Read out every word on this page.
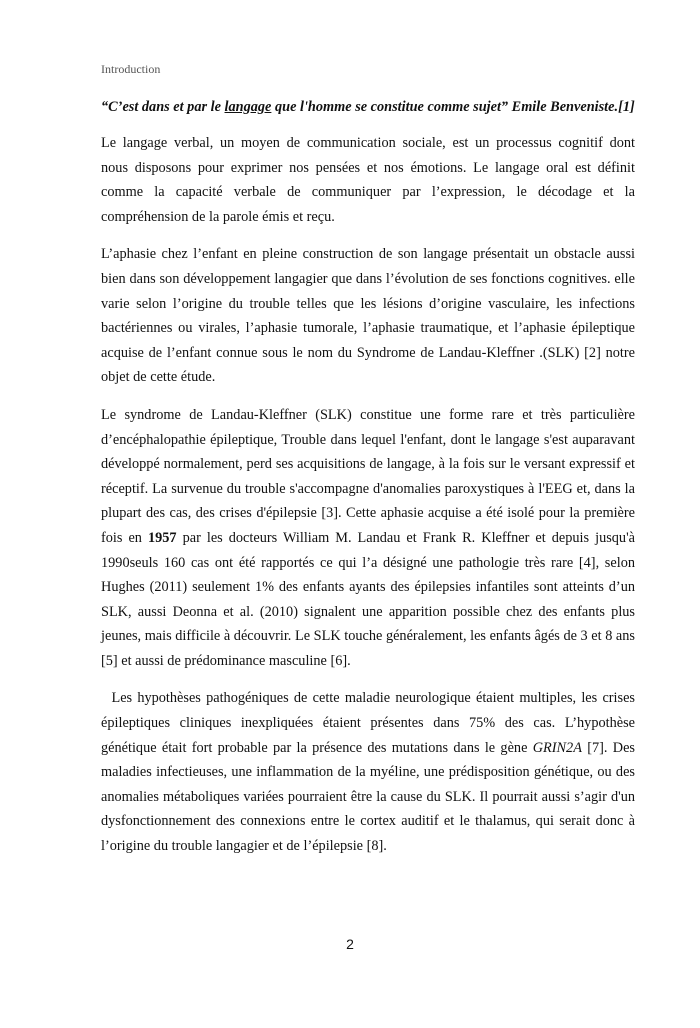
Introduction
“C’est dans et par le langage que l'homme se constitue comme sujet” Emile Benveniste.[1]

Le langage verbal, un moyen de communication sociale, est un processus cognitif dont
nous disposons pour exprimer nos pensées et nos émotions. Le langage oral est définit
comme la capacité verbale de communiquer par l’expression, le décodage et la
compréhension de la parole émis et reçu.

L’aphasie chez l’enfant en pleine construction de son langage présentait un obstacle aussi
bien dans son développement langagier que dans l’évolution de ses fonctions cognitives. elle
varie selon l’origine du trouble telles que les lésions d’origine vasculaire, les infections
bactériennes ou virales, l’aphasie tumorale, l’aphasie traumatique, et l’aphasie épileptique
acquise de l’enfant connue sous le nom du Syndrome de Landau-Kleffner .(SLK) [2] notre
objet de cette étude.

Le syndrome de Landau-Kleffner (SLK) constitue une forme rare et très particulière
d’encéphalopathie épileptique, Trouble dans lequel l'enfant, dont le langage s'est auparavant
développé normalement, perd ses acquisitions de langage, à la fois sur le versant expressif et
réceptif. La survenue du trouble s'accompagne d'anomalies paroxystiques à l'EEG et, dans la
plupart des cas, des crises d'épilepsie [3]. Cette aphasie acquise a été isolé pour la première
fois en 1957 par les docteurs William M. Landau et Frank R. Kleffner et depuis jusqu'à
1990seuls 160 cas ont été rapportés ce qui l’a désigné une pathologie très rare [4], selon
Hughes (2011) seulement 1% des enfants ayants des épilepsies infantiles sont atteints d’un
SLK, aussi Deonna et al. (2010) signalent une apparition possible chez des enfants plus
jeunes, mais difficile à découvrir. Le SLK touche généralement, les enfants âgés de 3 et 8 ans
[5] et aussi de prédominance masculine [6].

Les hypothèses pathogéniques de cette maladie neurologique étaient multiples, les crises
épileptiques cliniques inexpliquées étaient présentes dans 75% des cas. L’hypothèse
génétique était fort probable par la présence des mutations dans le gène GRIN2A [7]. Des
maladies infectieuses, une inflammation de la myéline, une prédisposition génétique, ou des
anomalies métaboliques variées pourraient être la cause du SLK. Il pourrait aussi s’agir d'un
dysfonctionnement des connexions entre le cortex auditif et le thalamus, qui serait donc à
l’origine du trouble langagier et de l’épilepsie [8].

2
